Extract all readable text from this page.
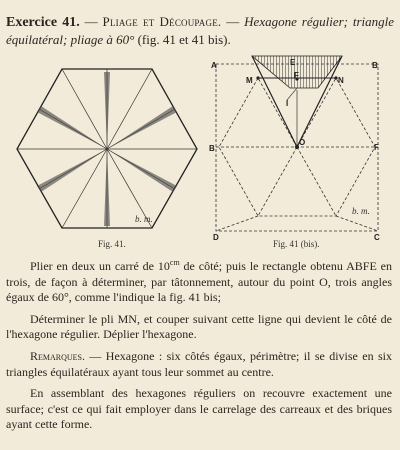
Exercice 41. — Pliage et Découpage. — Hexagone régulier; triangle équilatéral; pliage à 60° (fig. 41 et 41 bis).
b. m.
Fig. 41.
A	E	B
M
F
N
I
B
O
F
D	C
b. m.
Fig. 41 (bis).

Plier en deux un carré de $10^{cm}$ de côté; puis le rectangle obtenu ABFE en trois, de façon à déterminer, par tâtonnement, autour du point O, trois angles égaux de 60°, comme l'indique la fig. 41 bis;

Déterminer le pli MN, et couper suivant cette ligne qui devient le côté de l'hexagone régulier. Déplier l'hexagone.

Remarques. — Hexagone : six côtés égaux, périmètre; il se divise en six triangles équilatéraux ayant tous leur sommet au centre.

En assemblant des hexagones réguliers on recouvre exactement une surface; c'est ce qui fait employer dans le carrelage des carreaux et des briques ayant cette forme.
